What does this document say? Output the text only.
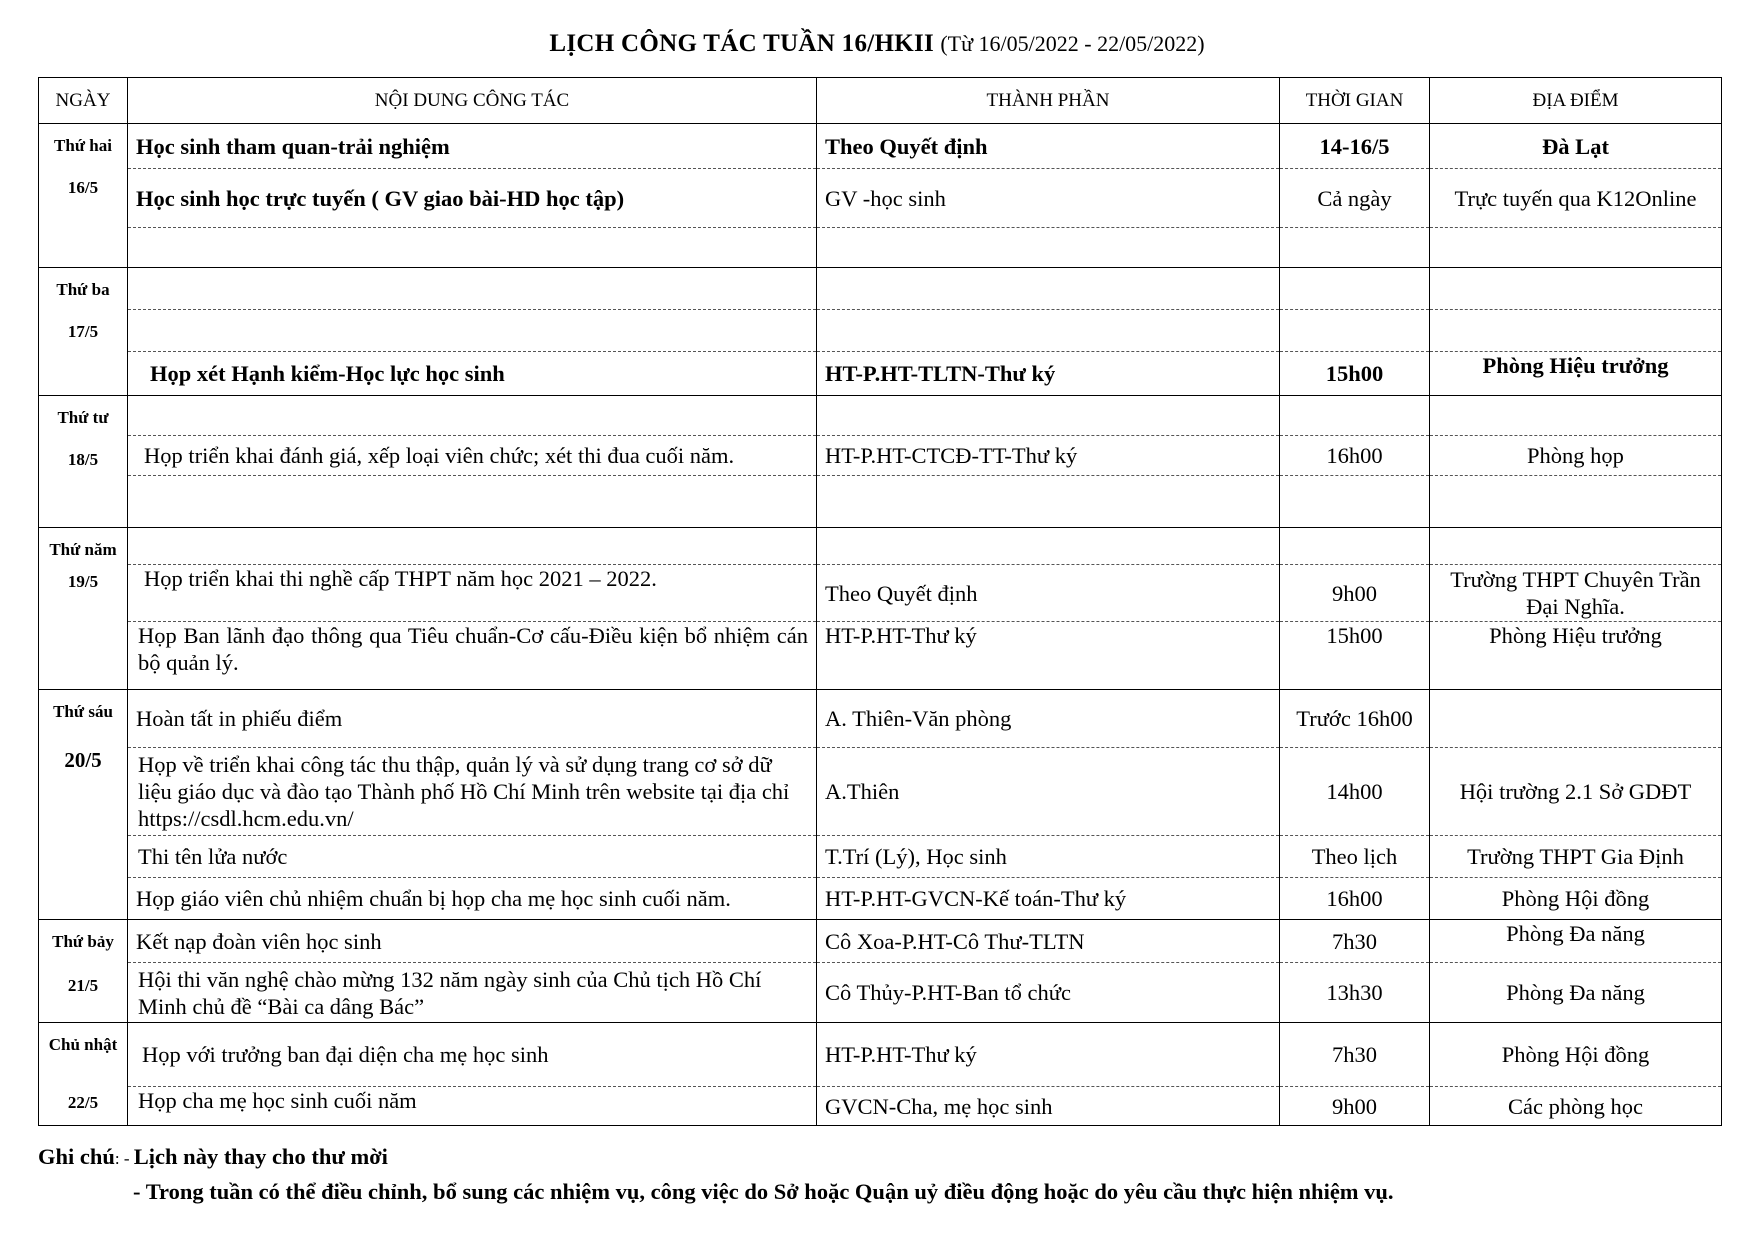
LỊCH CÔNG TÁC TUẦN 16/HKII (Từ 16/05/2022 - 22/05/2022)
NGÀY	NỘI DUNG CÔNG TÁC	THÀNH PHẦN	THỜI GIAN	ĐỊA ĐIỂM

Thứ hai
16/5	Học sinh tham quan-trải nghiệm	Theo Quyết định	14-16/5	Đà Lạt
	Học sinh học trực tuyến ( GV giao bài-HD học tập)	GV -học sinh	Cả ngày	Trực tuyến qua K12Online

Thứ ba
17/5				

	Họp xét Hạnh kiểm-Học lực học sinh	HT-P.HT-TLTN-Thư ký	15h00	Phòng Hiệu trưởng

Thứ tư
18/5				

	Họp triển khai đánh giá, xếp loại viên chức; xét thi đua cuối năm.	HT-P.HT-CTCĐ-TT-Thư ký	16h00	Phòng họp

Thứ năm
19/5				

	Họp triển khai thi nghề cấp THPT năm học 2021 – 2022.	Theo Quyết định	9h00	Trường THPT Chuyên Trần Đại Nghĩa.
	Họp Ban lãnh đạo thông qua Tiêu chuẩn-Cơ cấu-Điều kiện bổ nhiệm cán bộ quản lý.	HT-P.HT-Thư ký	15h00	Phòng Hiệu trưởng

Thứ sáu
20/5	Hoàn tất in phiếu điểm	A. Thiên-Văn phòng	Trước 16h00	
	Họp về triển khai công tác thu thập, quản lý và sử dụng trang cơ sở dữ liệu giáo dục và đào tạo Thành phố Hồ Chí Minh trên website tại địa chỉ https://csdl.hcm.edu.vn/	A.Thiên	14h00	Hội trường 2.1 Sở GDĐT
	Thi tên lửa nước	T.Trí (Lý), Học sinh	Theo lịch	Trường THPT Gia Định
	Họp giáo viên chủ nhiệm chuẩn bị họp cha mẹ học sinh cuối năm.	HT-P.HT-GVCN-Kế toán-Thư ký	16h00	Phòng Hội đồng

Thứ bảy
21/5	Kết nạp đoàn viên học sinh	Cô Xoa-P.HT-Cô Thư-TLTN	7h30	Phòng Đa năng
	Hội thi văn nghệ chào mừng 132 năm ngày sinh của Chủ tịch Hồ Chí Minh chủ đề “Bài ca dâng Bác”	Cô Thủy-P.HT-Ban tổ chức	13h30	Phòng Đa năng

Chủ nhật
22/5	Họp với trưởng ban đại diện cha mẹ học sinh	HT-P.HT-Thư ký	7h30	Phòng Hội đồng
	Họp cha mẹ học sinh cuối năm	GVCN-Cha, mẹ học sinh	9h00	Các phòng học
Ghi chú: - Lịch này thay cho thư mời
- Trong tuần có thể điều chỉnh, bổ sung các nhiệm vụ, công việc do Sở hoặc Quận uỷ điều động hoặc do yêu cầu thực hiện nhiệm vụ.
